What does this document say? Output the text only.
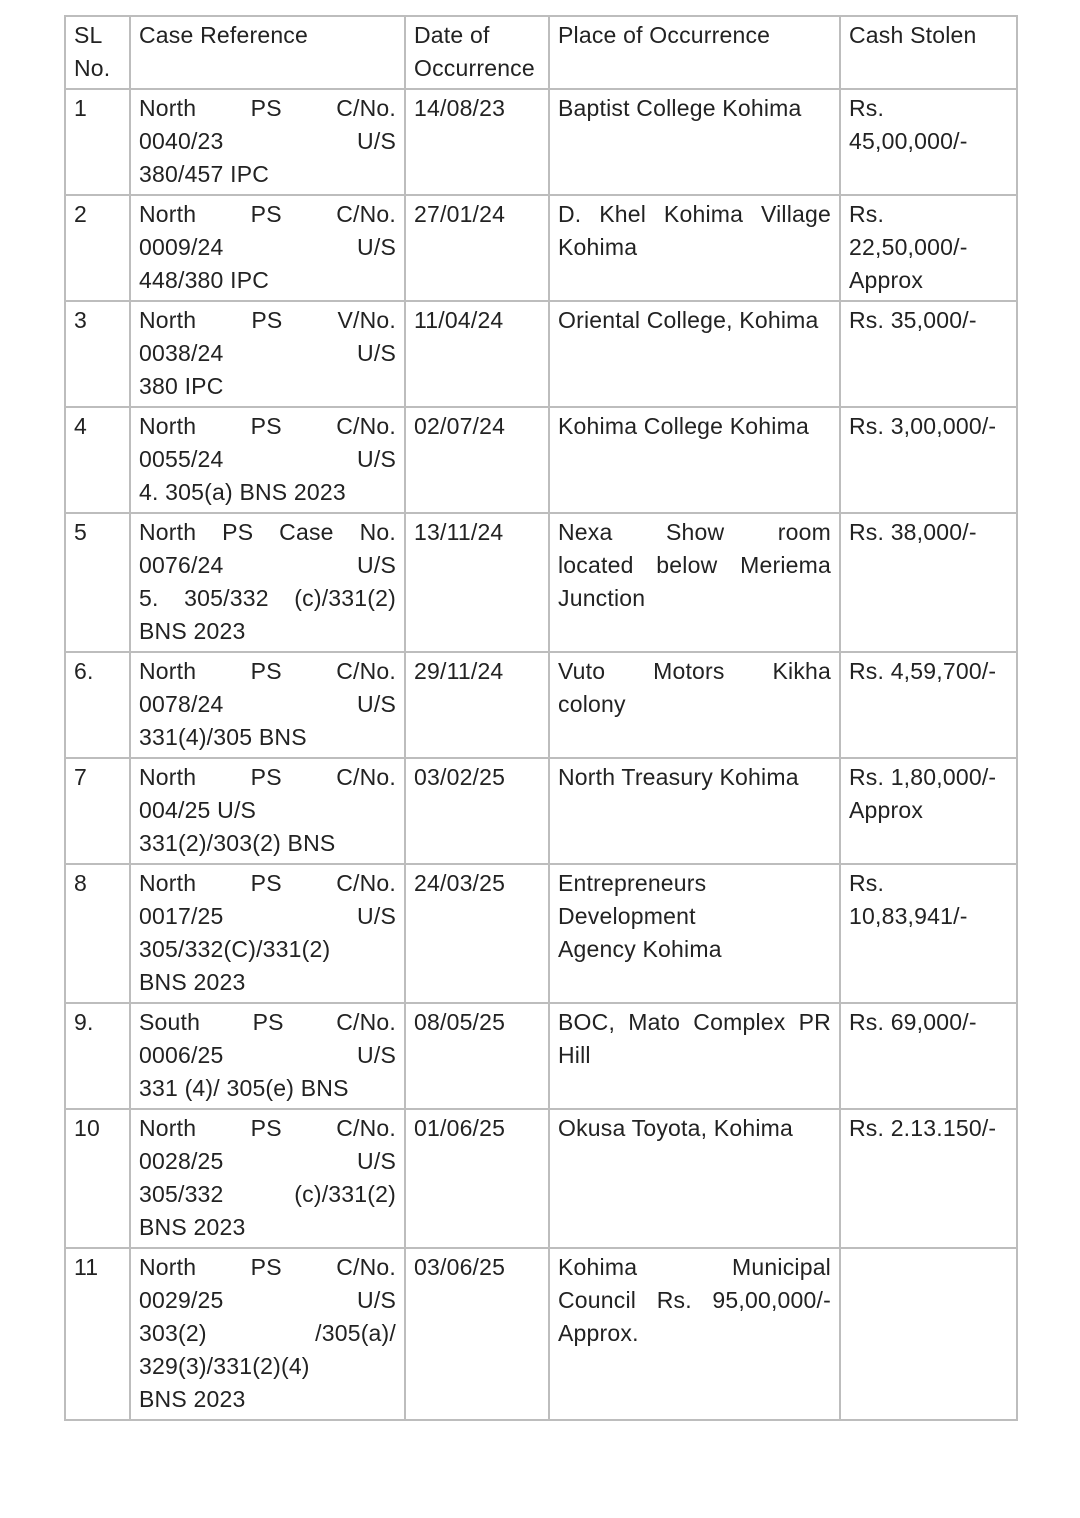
SL No.	Case Reference	Date of Occurrence	Place of Occurrence	Cash Stolen
1	North PS C/No.
0040/23 U/S
380/457 IPC	14/08/23	Baptist College Kohima	Rs.
45,00,000/-

2	North PS C/No.
0009/24 U/S
448/380 IPC	27/01/24	D. Khel Kohima Village
Kohima	Rs.
22,50,000/-
Approx

3	North PS V/No.
0038/24 U/S
380 IPC	11/04/24	Oriental College, Kohima	Rs. 35,000/-

4	North PS C/No.
0055/24 U/S
4. 305(a) BNS 2023	02/07/24	Kohima College Kohima	Rs. 3,00,000/-

5	North PS Case No.
0076/24 U/S
5. 305/332 (c)/331(2)
BNS 2023	13/11/24	Nexa Show room
located below Meriema
Junction	Rs. 38,000/-

6.	North PS C/No.
0078/24 U/S
331(4)/305 BNS	29/11/24	Vuto Motors Kikha
colony	Rs. 4,59,700/-

7	North PS C/No.
004/25 U/S
331(2)/303(2) BNS	03/02/25	North Treasury Kohima	Rs. 1,80,000/-
Approx

8	North PS C/No.
0017/25 U/S
305/332(C)/331(2)
BNS 2023	24/03/25	Entrepreneurs
Development
Agency Kohima	Rs.
10,83,941/-

9.	South PS C/No.
0006/25 U/S
331 (4)/ 305(e) BNS	08/05/25	BOC, Mato Complex PR
Hill	Rs. 69,000/-

10	North PS C/No.
0028/25 U/S
305/332 (c)/331(2)
BNS 2023	01/06/25	Okusa Toyota, Kohima	Rs. 2.13.150/-

11	North PS C/No.
0029/25 U/S
303(2) /305(a)/
329(3)/331(2)(4)
BNS 2023	03/06/25	Kohima Municipal
Council Rs. 95,00,000/-
Approx.	
